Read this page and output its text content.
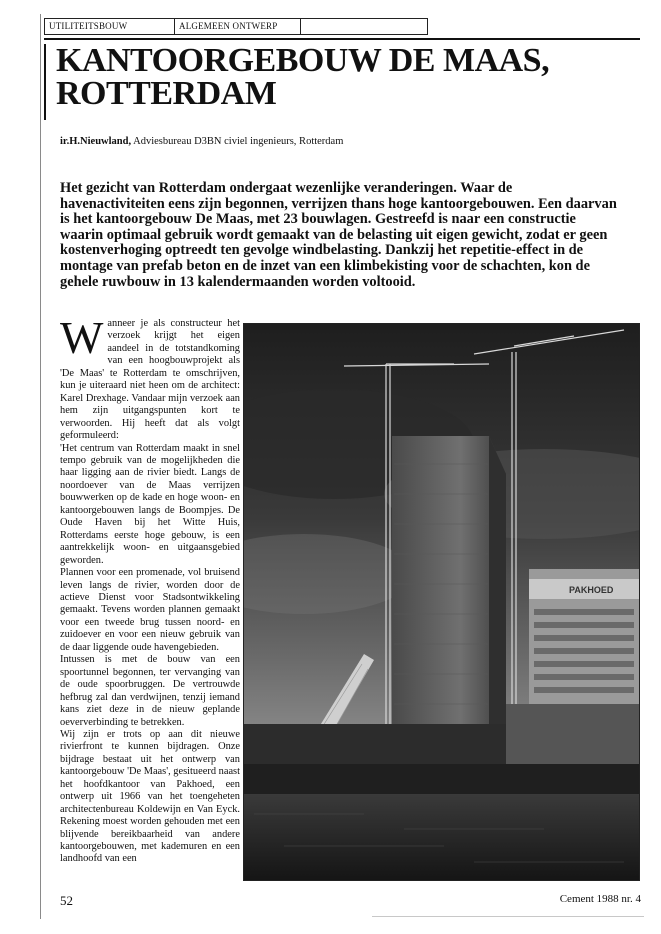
UTILITEITSBOUW	ALGEMEEN ONTWERP
KANTOORGEBOUW DE MAAS, ROTTERDAM
ir.H.Nieuwland, Adviesbureau D3BN civiel ingenieurs, Rotterdam

Het gezicht van Rotterdam ondergaat wezenlijke veranderingen. Waar de havenactiviteiten eens zijn begonnen, verrijzen thans hoge kantoorgebouwen. Een daarvan is het kantoorgebouw De Maas, met 23 bouwlagen. Gestreefd is naar een constructie waarin optimaal gebruik wordt gemaakt van de belasting uit eigen gewicht, zodat er geen kostenverhoging optreedt ten gevolge windbelasting. Dankzij het repetitie-effect in de montage van prefab beton en de inzet van een klimbekisting voor de schachten, kon de gehele ruwbouw in 13 kalendermaanden worden voltooid.

W anneer je als constructeur het verzoek krijgt het eigen aandeel in de totstandkoming van een hoogbouwprojekt als 'De Maas' te Rotterdam te omschrijven, kun je uiteraard niet heen om de architect: Karel Drexhage. Vandaar mijn verzoek aan hem zijn uitgangspunten kort te verwoorden. Hij heeft dat als volgt geformuleerd:

'Het centrum van Rotterdam maakt in snel tempo gebruik van de mogelijkheden die haar ligging aan de rivier biedt. Langs de noordoever van de Maas verrijzen bouwwerken op de kade en hoge woon- en kantoorgebouwen langs de Boompjes. De Oude Haven bij het Witte Huis, Rotterdams eerste hoge gebouw, is een aantrekkelijk woon- en uitgaansgebied geworden.

Plannen voor een promenade, vol bruisend leven langs de rivier, worden door de actieve Dienst voor Stadsontwikkeling gemaakt. Tevens worden plannen gemaakt voor een tweede brug tussen noord- en zuidoever en voor een nieuw gebruik van de daar liggende oude havengebieden.

Intussen is met de bouw van een spoortunnel begonnen, ter vervanging van de oude spoorbruggen. De vertrouwde hefbrug zal dan verdwijnen, tenzij iemand kans ziet deze in de nieuw geplande oeververbinding te betrekken.

Wij zijn er trots op aan dit nieuwe rivierfront te kunnen bijdragen. Onze bijdrage bestaat uit het ontwerp van kantoorgebouw 'De Maas', gesitueerd naast het hoofdkantoor van Pakhoed, een ontwerp uit 1966 van het toengeheten architectenbureau Koldewijn en Van Eyck. Rekening moest worden gehouden met een blijvende bereikbaarheid van andere kantoorgebouwen, met kademuren en een landhoofd van een

PAKHOED
52	Cement 1988 nr. 4
